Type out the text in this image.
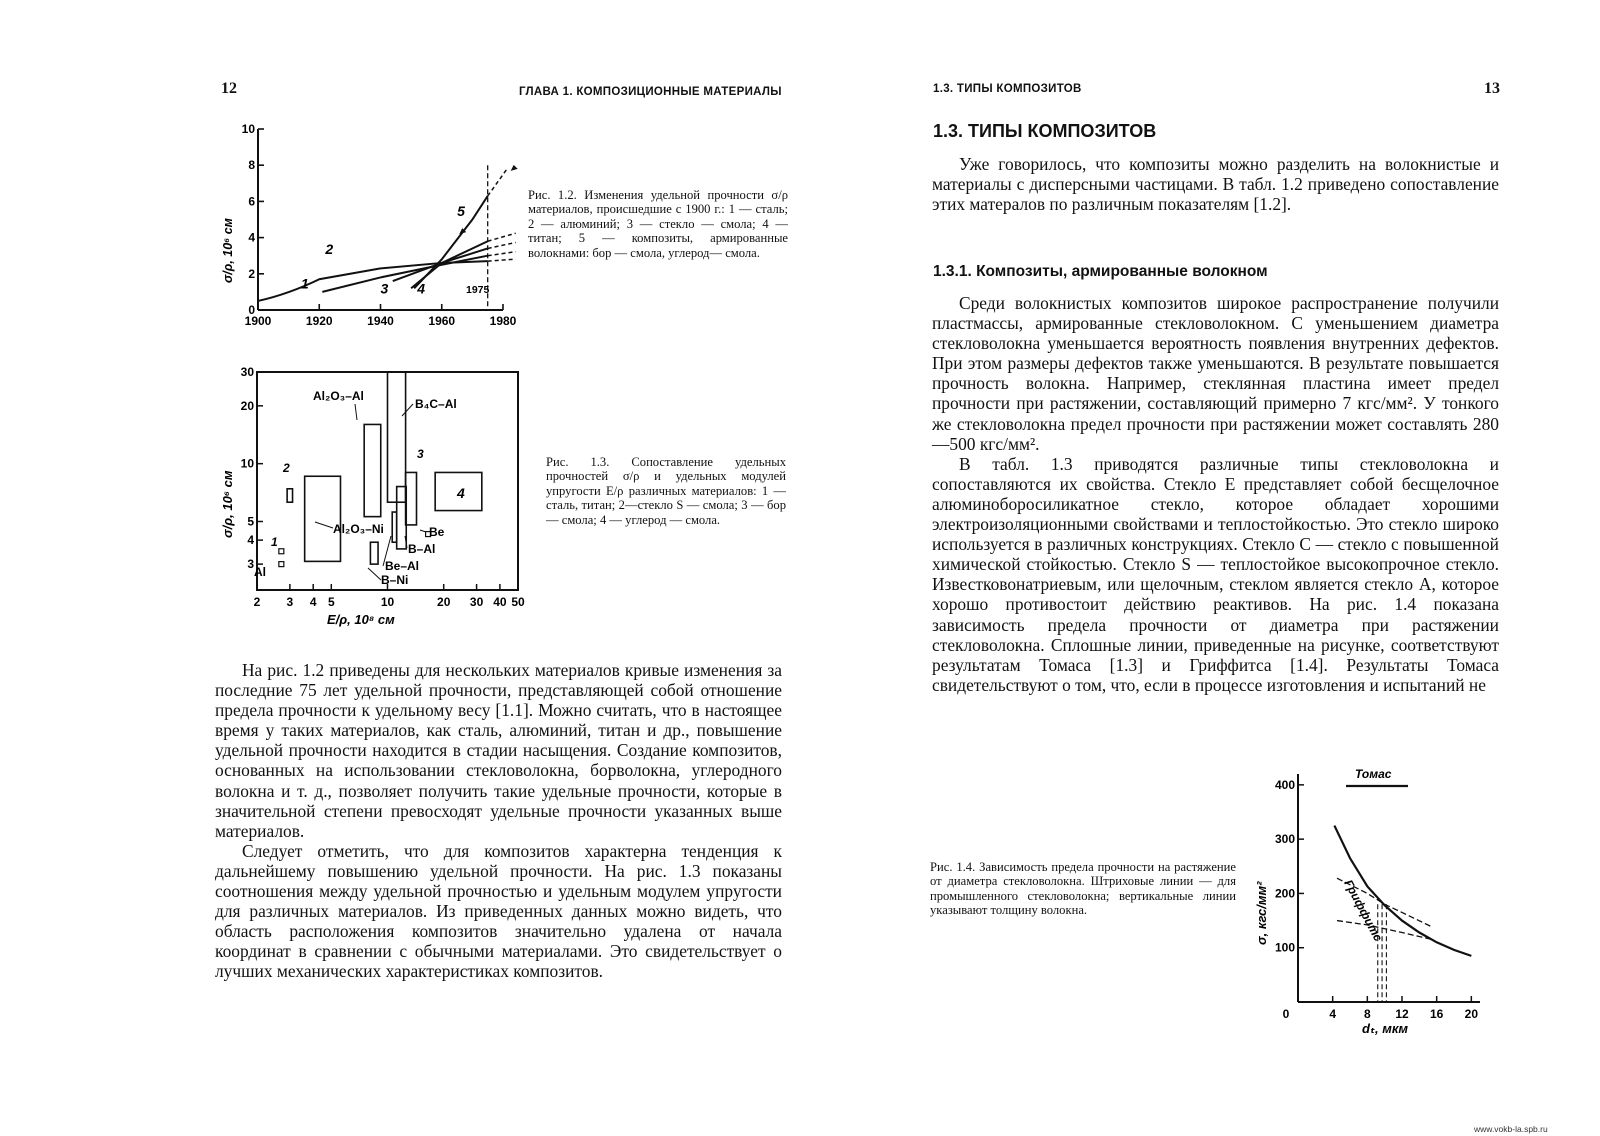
12	ГЛАВА 1. КОМПОЗИЦИОННЫЕ МАТЕРИАЛЫ
0
2
4
6
8
10
1900	1920	1940	1960	1980
1
2
3 4
5
σ/ρ, 10⁶ см
1975
Рис. 1.2. Изменения удельной прочности σ/ρ материалов, происшедшие с 1900 г.: 1 — сталь; 2 — алюминий; 3 — стекло — смола; 4 — титан; 5 — композиты, армированные волокнами: бор — смола, углерод— смола.
3
4
5
10
20
30
2 3 4 5	10	20 30 40 50
Al₂O₃–Al
B₄C–Al
Al₂O₃–Ni	Be
B–Al
Be–Al
B–Ni
Al
1
2
3
4
σ/ρ, 10⁶ см
E/ρ, 10⁸ см
Рис. 1.3. Сопоставление удельных прочностей σ/ρ и удельных модулей упругости E/ρ различных материалов: 1 — сталь, титан; 2—стекло S — смола; 3 — бор — смола; 4 — углерод — смола.

На рис. 1.2 приведены для нескольких материалов кривые изменения за последние 75 лет удельной прочности, представляющей собой отношение предела прочности к удельному весу [1.1]. Можно считать, что в настоящее время у таких материалов, как сталь, алюминий, титан и др., повышение удельной прочности находится в стадии насыщения. Создание композитов, основанных на использовании стекловолокна, борволокна, углеродного волокна и т. д., позволяет получить такие удельные прочности, которые в значительной степени превосходят удельные прочности указанных выше материалов.

Следует отметить, что для композитов характерна тенденция к дальнейшему повышению удельной прочности. На рис. 1.3 показаны соотношения между удельной прочностью и удельным модулем упругости для различных материалов. Из приведенных данных можно видеть, что область расположения композитов значительно удалена от начала координат в сравнении с обычными материалами. Это свидетельствует о лучших механических характеристиках композитов.

1.3. ТИПЫ КОМПОЗИТОВ	13
1.3. ТИПЫ КОМПОЗИТОВ

Уже говорилось, что композиты можно разделить на волокнистые и материалы с дисперсными частицами. В табл. 1.2 приведено сопоставление этих матералов по различным показателям [1.2].

1.3.1. Композиты, армированные волокном

Среди волокнистых композитов широкое распространение получили пластмассы, армированные стекловолокном. С уменьшением диаметра стекловолокна уменьшается вероятность появления внутренних дефектов. При этом размеры дефектов также уменьшаются. В результате повышается прочность волокна. Например, стеклянная пластина имеет предел прочности при растяжении, составляющий примерно 7 кгс/мм². У тонкого же стекловолокна предел прочности при растяжении может составлять 280—500 кгс/мм².

В табл. 1.3 приводятся различные типы стекловолокна и сопоставляются их свойства. Стекло E представляет собой бесщелочное алюминоборосиликатное стекло, которое обладает хорошими электроизоляционными свойствами и теплостойкостью. Это стекло широко используется в различных конструкциях. Стекло C — стекло с повышенной химической стойкостью. Стекло S — теплостойкое высокопрочное стекло. Известковонатриевым, или щелочным, стеклом является стекло A, которое хорошо противостоит действию реактивов. На рис. 1.4 показана зависимость предела прочности от диаметра при растяжении стекловолокна. Сплошные линии, приведенные на рисунке, соответствуют результатам Томаса [1.3] и Гриффитса [1.4]. Результаты Томаса свидетельствуют о том, что, если в процессе изготовления и испытаний не

Рис. 1.4. Зависимость предела прочности на растяжение от диаметра стекловолокна. Штриховые линии — для промышленного стекловолокна; вертикальные линии указывают толщину волокна.
100
200
300
400
0	4 8 12 16 20
Гриффитс
σ, кгс/мм²
dₜ, мкм
Томас
www.vokb-la.spb.ru
